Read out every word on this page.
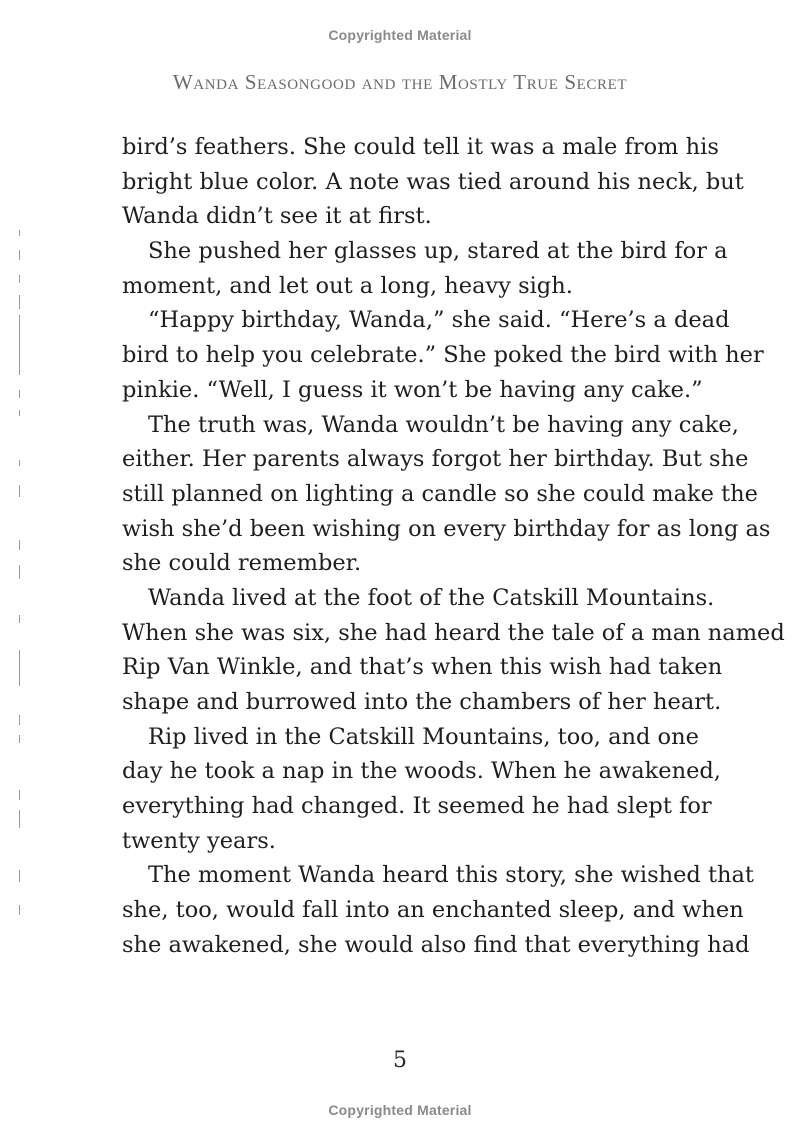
Copyrighted Material
Wanda Seasongood and the Mostly True Secret
bird’s feathers. She could tell it was a male from his
bright blue color. A note was tied around his neck, but
Wanda didn’t see it at first.
She pushed her glasses up, stared at the bird for a
moment, and let out a long, heavy sigh.
“Happy birthday, Wanda,” she said. “Here’s a dead
bird to help you celebrate.” She poked the bird with her
pinkie. “Well, I guess it won’t be having any cake.”
The truth was, Wanda wouldn’t be having any cake,
either. Her parents always forgot her birthday. But she
still planned on lighting a candle so she could make the
wish she’d been wishing on every birthday for as long as
she could remember.
Wanda lived at the foot of the Catskill Mountains.
When she was six, she had heard the tale of a man named
Rip Van Winkle, and that’s when this wish had taken
shape and burrowed into the chambers of her heart.
Rip lived in the Catskill Mountains, too, and one
day he took a nap in the woods. When he awakened,
everything had changed. It seemed he had slept for
twenty years.
The moment Wanda heard this story, she wished that
she, too, would fall into an enchanted sleep, and when
she awakened, she would also find that everything had
5
Copyrighted Material
